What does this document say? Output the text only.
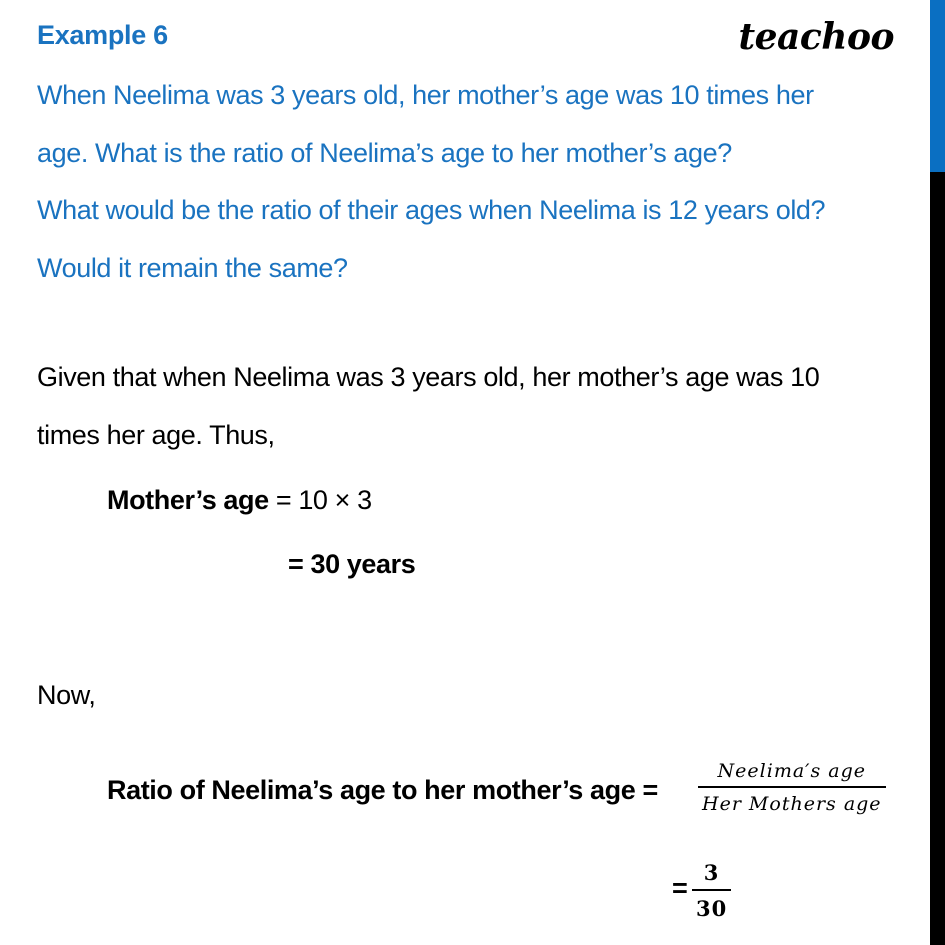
Example 6	teachoo
When Neelima was 3 years old, her mother’s age was 10 times her
age. What is the ratio of Neelima’s age to her mother’s age?
What would be the ratio of their ages when Neelima is 12 years old?
Would it remain the same?
Given that when Neelima was 3 years old, her mother’s age was 10
times her age. Thus,
Mother’s age = 10 × 3
= 30 years
Now,
Ratio of Neelima’s age to her mother’s age =
Neelima′s age
Her Mothers age
=
3
30
